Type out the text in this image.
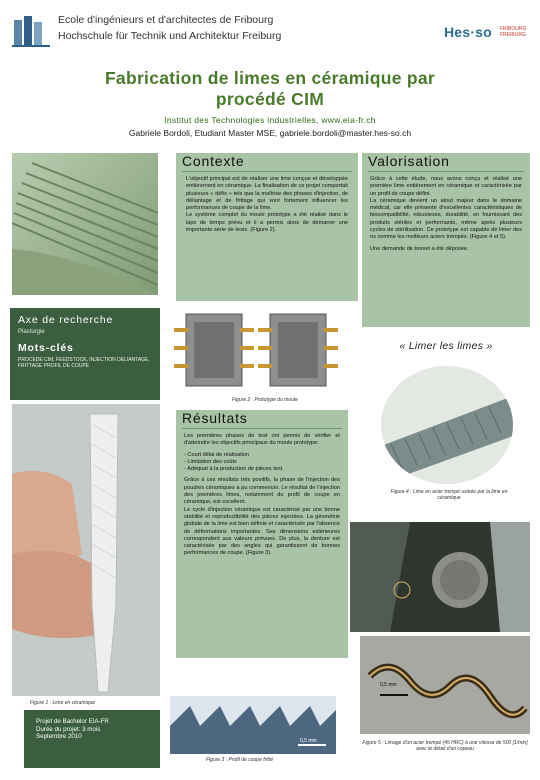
Ecole d'ingénieurs et d'architectes de Fribourg
Hochschule für Technik und Architektur Freiburg	Hes·so FRIBOURG FREIBURG
Fabrication de limes en céramique par
procédé CIM
Institut des Technologies industrielles, www.eia-fr.ch
Gabriele Bordoli, Etudiant Master MSE, gabriele.bordoli@master.hes-so.ch
Contexte

L'objectif principal est de réaliser une lime conçue et développée entièrement en céramique. La finalisation de ce projet comportait plusieurs « défis » tels que la maîtrise des phases d'injection, de déliantage et de frittage qui vont fortement influencer les performances de coupe de la lime.

Le système complet du moule prototype a été réalisé dans le laps de temps prévu et il a permis alors de démarrer une importante série de tests. (Figure 2).

Valorisation

Grâce à cette étude, nous avons conçu et réalisé une première lime entièrement en céramique et caractérisée par un profil de coupe défini.

La céramique devient un atout majeur dans le domaine médical, car elle présente d'excellentes caractéristiques de biocompatibilité, robustesse, durabilité, en fournissant des produits stériles et performants, même après plusieurs cycles de stérilisation. Ce prototype est capable de limer des os comme les meilleurs aciers trempés. (Figure 4 et 5).

Une demande de brevet a été déposée.

« Limer les limes »
Axe de recherche
Plasturgie
Mots-clés
PROCEDE CIM, FEEDSTOCK, INJECTION DELIANTAGE, FRITTAGE PROFIL DE COUPE
Figure 2 : Prototype du moule
Figure 1 : Lime en céramique
Résultats

Les premières phases de test ont permis de vérifier et d'atteindre les objectifs principaux du moule prototype:

- Court délai de réalisation
- Limitation des coûts
- Adéquat à la production de pièces test

Grâce à ces résultats très positifs, la phase de l'injection des poudres céramiques a pu commencer. Le résultat de l'injection des premières limes, notamment du profil de coupe en céramique, est excellent.

Le cycle d'injection céramique est caractérisé par une bonne stabilité et reproductibilité des pièces injectées. La géométrie globale de la lime est bien définie et caractérisée par l'absence de déformations importantes. Ses dimensions extérieures correspondent aux valeurs prévues. De plus, la denture est caractérisée par des angles qui garantissent de bonnes performances de coupe. (Figure 3).

Figure 4 : Lime en acier trempé usinée par la lime en céramique
0,5 mm
Figure 5 : Limage d'un acier trempé (45 HRC) à une vitesse de 500 [1/min] avec le détail d'un copeau
0,5 mm
Figure 3 : Profil de coupe fritté
Projet de Bachelor EIA-FR
Durée du projet: 3 mois
Septembre 2010
